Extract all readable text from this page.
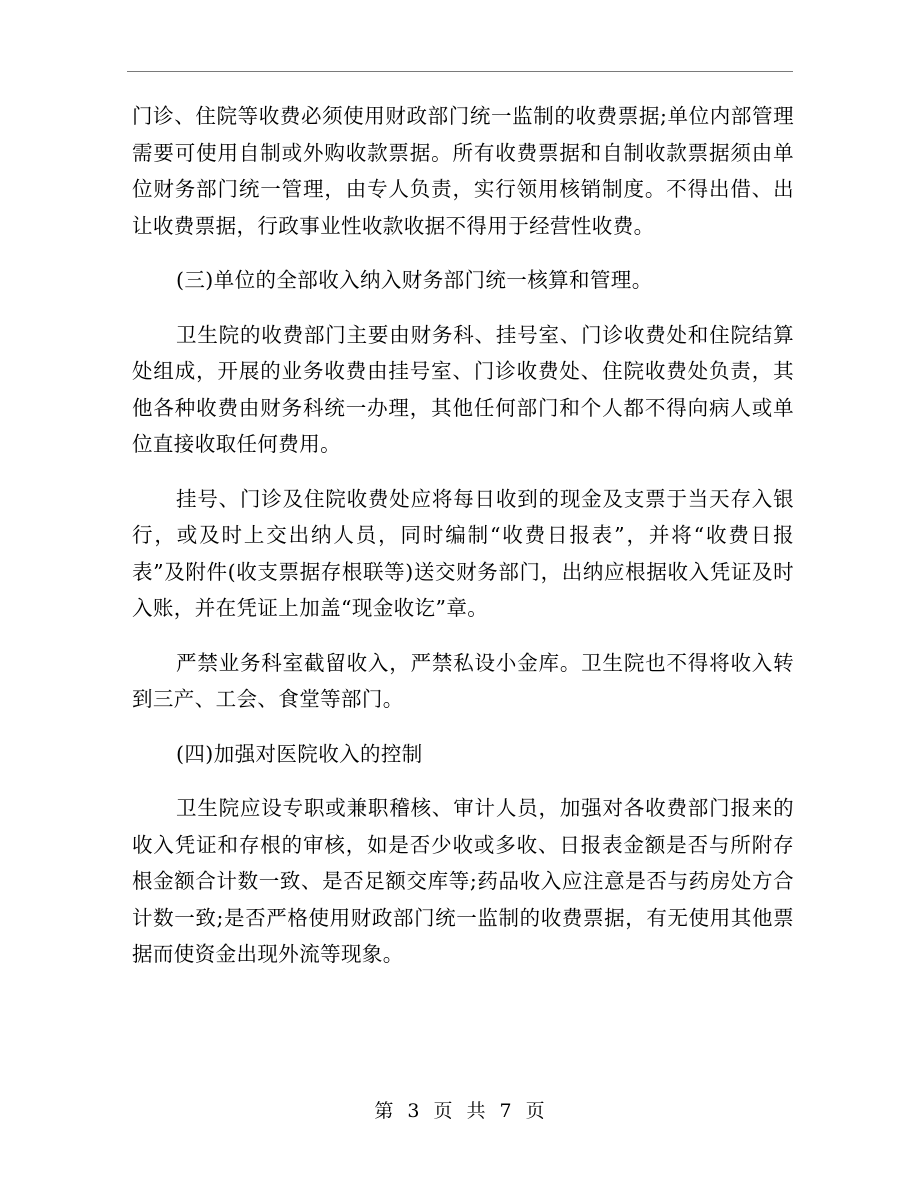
门诊、住院等收费必须使用财政部门统一监制的收费票据;单位内部管理需要可使用自制或外购收款票据。所有收费票据和自制收款票据须由单位财务部门统一管理，由专人负责，实行领用核销制度。不得出借、出让收费票据，行政事业性收款收据不得用于经营性收费。

(三)单位的全部收入纳入财务部门统一核算和管理。

卫生院的收费部门主要由财务科、挂号室、门诊收费处和住院结算处组成，开展的业务收费由挂号室、门诊收费处、住院收费处负责，其他各种收费由财务科统一办理，其他任何部门和个人都不得向病人或单位直接收取任何费用。

挂号、门诊及住院收费处应将每日收到的现金及支票于当天存入银行，或及时上交出纳人员，同时编制“收费日报表”，并将“收费日报表”及附件(收支票据存根联等)送交财务部门，出纳应根据收入凭证及时入账，并在凭证上加盖“现金收讫”章。

严禁业务科室截留收入，严禁私设小金库。卫生院也不得将收入转到三产、工会、食堂等部门。

(四)加强对医院收入的控制

卫生院应设专职或兼职稽核、审计人员，加强对各收费部门报来的收入凭证和存根的审核，如是否少收或多收、日报表金额是否与所附存根金额合计数一致、是否足额交库等;药品收入应注意是否与药房处方合计数一致;是否严格使用财政部门统一监制的收费票据，有无使用其他票据而使资金出现外流等现象。

第 3 页 共 7 页
